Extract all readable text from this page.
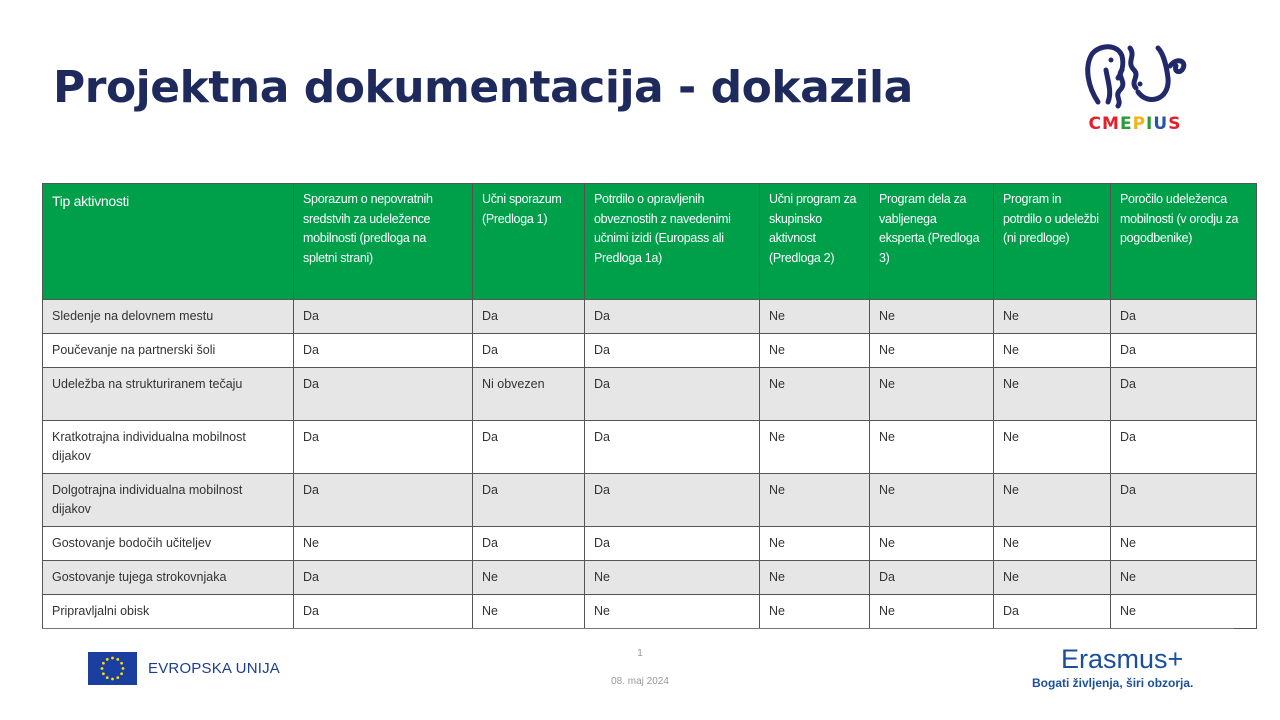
Projektna dokumentacija - dokazila
CMEPIUS
Tip aktivnosti	Sporazum o nepovratnih sredstvih za udeležence mobilnosti (predloga na spletni strani)	Učni sporazum (Predloga 1)	Potrdilo o opravljenih obveznostih z navedenimi učnimi izidi (Europass ali Predloga 1a)	Učni program za skupinsko aktivnost (Predloga 2)	Program dela za vabljenega eksperta (Predloga 3)	Program in potrdilo o udeležbi (ni predloge)	Poročilo udeleženca mobilnosti (v orodju za pogodbenike)
Sledenje na delovnem mestu	Da	Da	Da	Ne	Ne	Ne	Da
Poučevanje na partnerski šoli	Da	Da	Da	Ne	Ne	Ne	Da
Udeležba na strukturiranem tečaju	Da	Ni obvezen	Da	Ne	Ne	Ne	Da
Kratkotrajna individualna mobilnost dijakov	Da	Da	Da	Ne	Ne	Ne	Da
Dolgotrajna individualna mobilnost dijakov	Da	Da	Da	Ne	Ne	Ne	Da
Gostovanje bodočih učiteljev	Ne	Da	Da	Ne	Ne	Ne	Ne
Gostovanje tujega strokovnjaka	Da	Ne	Ne	Ne	Da	Ne	Ne
Pripravljalni obisk	Da	Ne	Ne	Ne	Ne	Da	Ne
EVROPSKA UNIJA
1
08. maj 2024
Erasmus+
Bogati življenja, širi obzorja.
